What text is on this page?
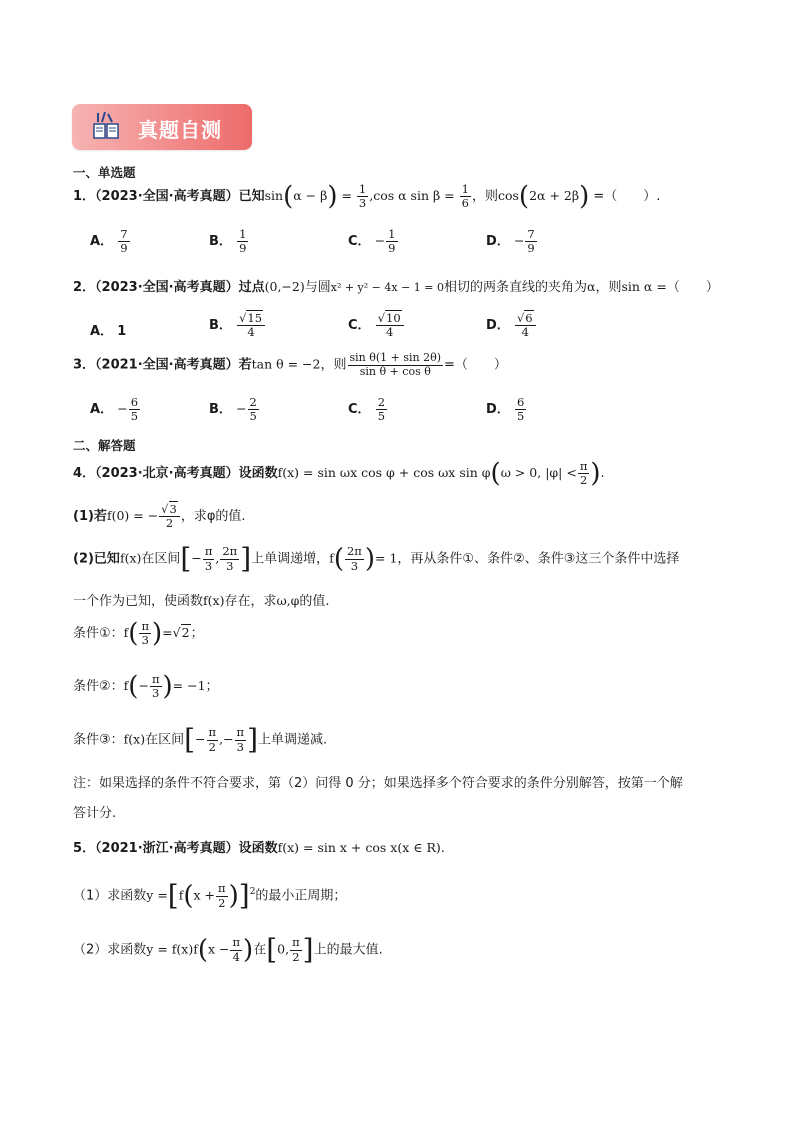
真题自测
一、单选题
1．（2023·全国·高考真题）已知$\sin(\alpha - \beta) = \frac{1}{3} ,\cos$ α $\sin \beta = \frac{1}{6}$ ，则cos(2α + 2β) =（　　）.
A． $\frac{7}{9}$	B． $\frac{1}{9}$	C． − $\frac{1}{9}$	D． − $\frac{7}{9}$
2．（2023·全国·高考真题）过点(0,−2)与圆x² + y² − 4x − 1 = 0相切的两条直线的夹角为α，则sin α =（　　）
A． 1	B． $\frac{√15}{4}$	C． $\frac{√10}{4}$	D． $\frac{√6}{4}$
3．（2021·全国·高考真题）若tan θ = −2，则 $\frac{\text{sin θ(1 + sin 2θ)}}{\text{sin θ + cos θ}}$ =（　　）
A． − $\frac{6}{5}$	B． − $\frac{2}{5}$	C． $\frac{2}{5}$	D． $\frac{6}{5}$
二、解答题
4．（2023·北京·高考真题）设函数f(x) = sin ωx cos φ + cos ωx sin φ(ω > 0, $|\varphi| < \frac{\pi}{2}$ ).
(1)若f(0) = − $\frac{√3}{2}$ ，求φ的值.
(2)已知f(x)在区间[− $\frac{\pi}{3}$ , $\frac{2\pi}{3}$ ]上单调递增，$f( \frac{2\pi}{3}$ )= 1，再从条件①、条件②、条件③这三个条件中选择
一个作为已知，使函数f(x)存在，求ω,φ的值.
条件①：$f( \frac{\pi}{3} )=√2$；
条件②：$f(- \frac{\pi}{3}$ )= −1；
条件③：f(x)在区间[− $\frac{\pi}{2}$ ,− $\frac{\pi}{3}$ ]上单调递减.
注：如果选择的条件不符合要求，第（2）问得 0 分；如果选择多个符合要求的条件分别解答，按第一个解
答计分.
5．（2021·浙江·高考真题）设函数f(x) = sin x + cos x(x ∈ R).
（1）求函数$y =[f(x + \frac{\pi}{2} )]^2$的最小正周期；
（2）求函数$y = f(x)f(x - \frac{\pi}{4}$ )在[0, $\frac{\pi}{2}$ ]上的最大值.
